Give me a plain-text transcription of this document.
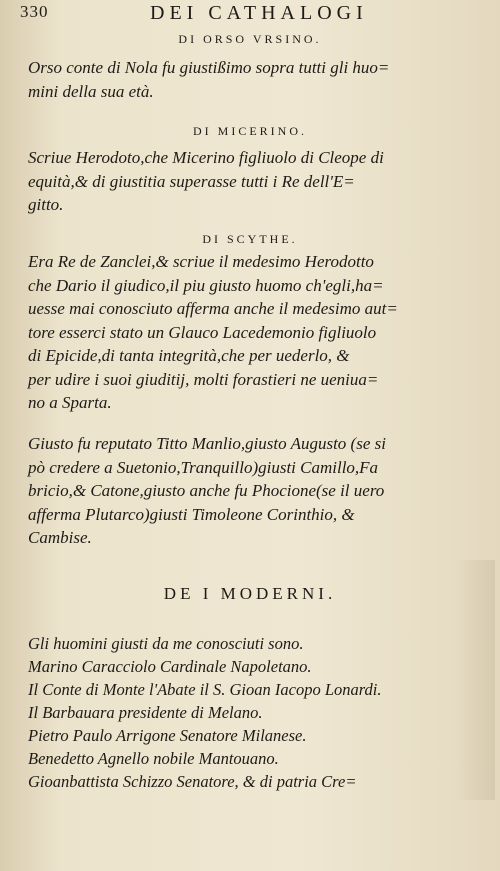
330	DEI CATHALOGI
DI ORSO VRSINO.
Orso conte di Nola fu giustißimo sopra tutti gli huo=
mini della sua età.
DI MICERINO.
Scriue Herodoto,che Micerino figliuolo di Cleope di
equità,& di giustitia superasse tutti i Re dell'E=
gitto.
DI SCYTHE.
Era Re de Zanclei,& scriue il medesimo Herodotto
che Dario il giudico,il piu giusto huomo ch'egli,ha=
uesse mai conosciuto afferma anche il medesimo aut=
tore esserci stato un Glauco Lacedemonio figliuolo
di Epicide,di tanta integrità,che per uederlo, &
per udire i suoi giuditij, molti forastieri ne ueniua=
no a Sparta.
Giusto fu reputato Titto Manlio,giusto Augusto (se si
pò credere a Suetonio,Tranquillo)giusti Camillo,Fa
bricio,& Catone,giusto anche fu Phocione(se il uero
afferma Plutarco)giusti Timoleone Corinthio, &
Cambise.
DE I MODERNI.
Gli huomini giusti da me conosciuti sono.
Marino Caracciolo Cardinale Napoletano.
Il Conte di Monte l'Abate il S. Gioan Iacopo Lonardi.
Il Barbauara presidente di Melano.
Pietro Paulo Arrigone Senatore Milanese.
Benedetto Agnello nobile Mantouano.
Gioanbattista Schizzo Senatore, & di patria Cre=
